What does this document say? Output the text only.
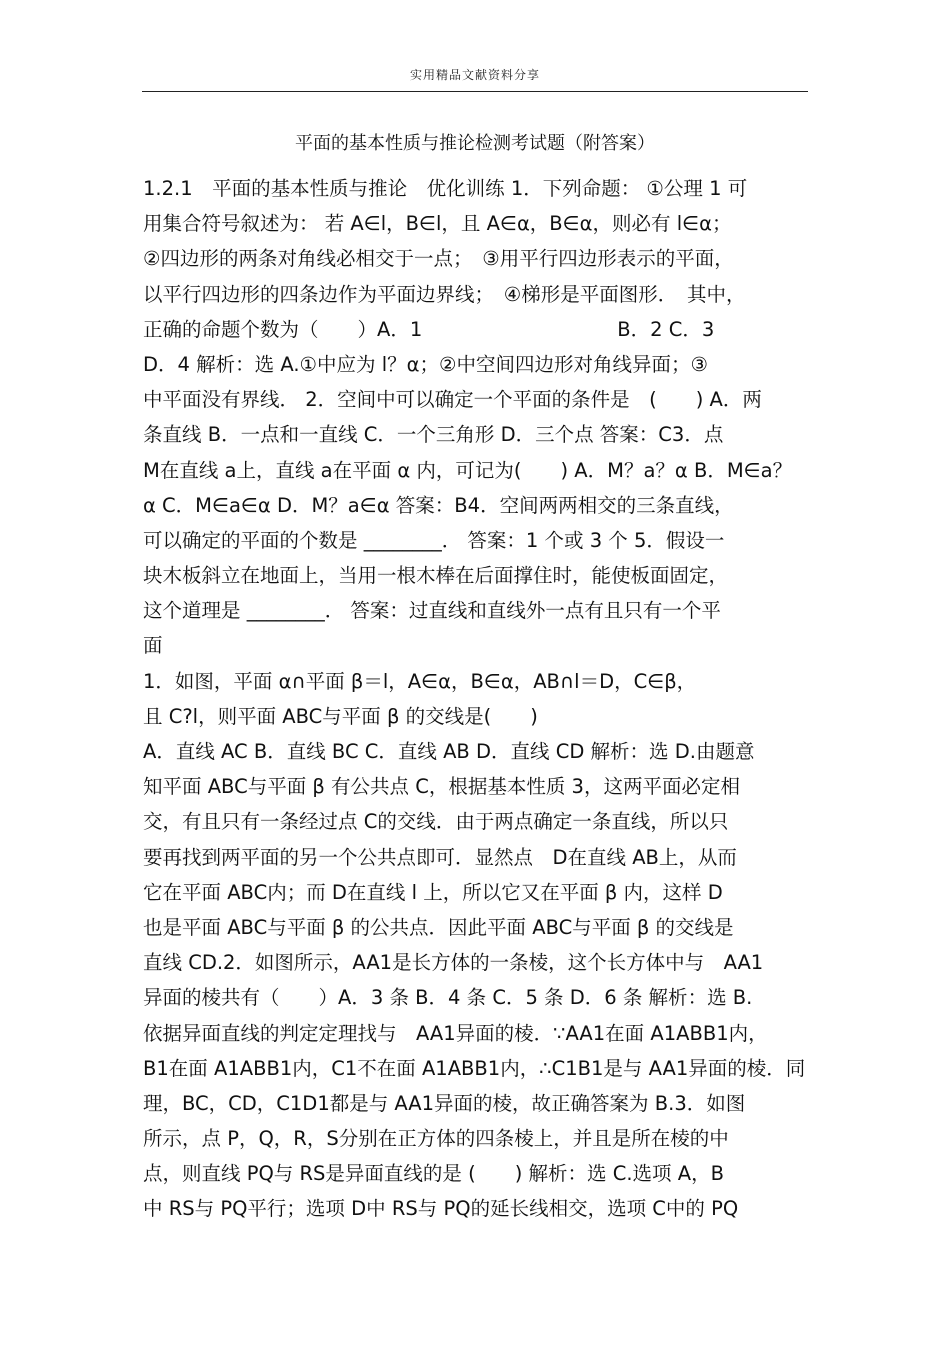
实用精品文献资料分享
平面的基本性质与推论检测考试题（附答案）
1.2.1　平面的基本性质与推论　优化训练 1．下列命题： ①公理 1 可
用集合符号叙述为： 若 A∈l，B∈l，且 A∈α，B∈α，则必有 l∈α；
②四边形的两条对角线必相交于一点；　③用平行四边形表示的平面，
以平行四边形的四条边作为平面边界线；　④梯形是平面图形．　其中，
正确的命题个数为（　　）A．1　　　　　　　　　　B．2 C．3
D．4 解析：选 A.①中应为 l？α；②中空间四边形对角线异面；③
中平面没有界线． 2．空间中可以确定一个平面的条件是　(　　) A．两
条直线 B．一点和一直线 C．一个三角形 D．三个点 答案：C3．点
M在直线 a上，直线 a在平面 α 内，可记为(　　) A．M？a？α B．M∈a？
α C．M∈a∈α D．M？a∈α 答案：B4．空间两两相交的三条直线，
可以确定的平面的个数是 ________． 答案：1 个或 3 个 5．假设一
块木板斜立在地面上，当用一根木棒在后面撑住时，能使板面固定，
这个道理是 ________． 答案：过直线和直线外一点有且只有一个平
面
1．如图，平面 α∩平面 β＝l，A∈α，B∈α，AB∩l＝D，C∈β，
且 C?l，则平面 ABC与平面 β 的交线是(　　)
A．直线 AC B．直线 BC C．直线 AB D．直线 CD 解析：选 D.由题意
知平面 ABC与平面 β 有公共点 C，根据基本性质 3，这两平面必定相
交，有且只有一条经过点 C的交线．由于两点确定一条直线，所以只
要再找到两平面的另一个公共点即可．显然点　D在直线 AB上，从而
它在平面 ABC内；而 D在直线 l 上，所以它又在平面 β 内，这样 D
也是平面 ABC与平面 β 的公共点．因此平面 ABC与平面 β 的交线是
直线 CD.2．如图所示，AA1是长方体的一条棱，这个长方体中与　AA1
异面的棱共有（　　）A．3 条 B．4 条 C．5 条 D．6 条 解析：选 B.
依据异面直线的判定定理找与　AA1异面的棱．∵AA1在面 A1ABB1内，
B1在面 A1ABB1内，C1不在面 A1ABB1内，∴C1B1是与 AA1异面的棱．同
理，BC，CD，C1D1都是与 AA1异面的棱，故正确答案为 B.3．如图
所示，点 P，Q，R，S分别在正方体的四条棱上，并且是所在棱的中
点，则直线 PQ与 RS是异面直线的是 (　　) 解析：选 C.选项 A，B
中 RS与 PQ平行；选项 D中 RS与 PQ的延长线相交，选项 C中的 PQ
